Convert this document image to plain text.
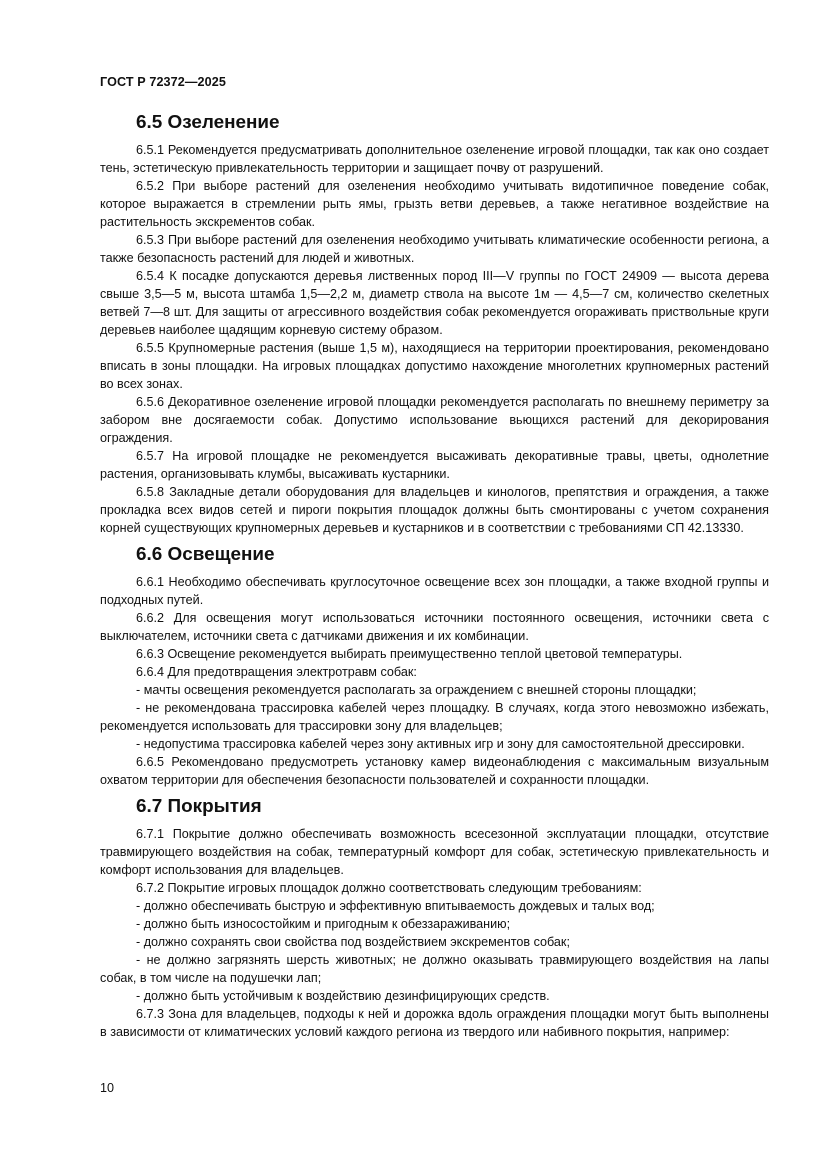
ГОСТ Р 72372—2025
6.5 Озеленение

6.5.1 Рекомендуется предусматривать дополнительное озеленение игровой площадки, так как оно создает тень, эстетическую привлекательность территории и защищает почву от разрушений.

6.5.2 При выборе растений для озеленения необходимо учитывать видотипичное поведение собак, которое выражается в стремлении рыть ямы, грызть ветви деревьев, а также негативное воздействие на растительность экскрементов собак.

6.5.3 При выборе растений для озеленения необходимо учитывать климатические особенности региона, а также безопасность растений для людей и животных.

6.5.4 К посадке допускаются деревья лиственных пород III—V группы по ГОСТ 24909 — высота дерева свыше 3,5—5 м, высота штамба 1,5—2,2 м, диаметр ствола на высоте 1м — 4,5—7 см, количество скелетных ветвей 7—8 шт. Для защиты от агрессивного воздействия собак рекомендуется огораживать приствольные круги деревьев наиболее щадящим корневую систему образом.

6.5.5 Крупномерные растения (выше 1,5 м), находящиеся на территории проектирования, рекомендовано вписать в зоны площадки. На игровых площадках допустимо нахождение многолетних крупномерных растений во всех зонах.

6.5.6 Декоративное озеленение игровой площадки рекомендуется располагать по внешнему периметру за забором вне досягаемости собак. Допустимо использование вьющихся растений для декорирования ограждения.

6.5.7 На игровой площадке не рекомендуется высаживать декоративные травы, цветы, однолетние растения, организовывать клумбы, высаживать кустарники.

6.5.8 Закладные детали оборудования для владельцев и кинологов, препятствия и ограждения, а также прокладка всех видов сетей и пироги покрытия площадок должны быть смонтированы с учетом сохранения корней существующих крупномерных деревьев и кустарников и в соответствии с требованиями СП 42.13330.

6.6 Освещение

6.6.1 Необходимо обеспечивать круглосуточное освещение всех зон площадки, а также входной группы и подходных путей.

6.6.2 Для освещения могут использоваться источники постоянного освещения, источники света с выключателем, источники света с датчиками движения и их комбинации.

6.6.3 Освещение рекомендуется выбирать преимущественно теплой цветовой температуры.

6.6.4 Для предотвращения электротравм собак:

- мачты освещения рекомендуется располагать за ограждением с внешней стороны площадки;

- не рекомендована трассировка кабелей через площадку. В случаях, когда этого невозможно избежать, рекомендуется использовать для трассировки зону для владельцев;

- недопустима трассировка кабелей через зону активных игр и зону для самостоятельной дрессировки.

6.6.5 Рекомендовано предусмотреть установку камер видеонаблюдения с максимальным визуальным охватом территории для обеспечения безопасности пользователей и сохранности площадки.

6.7 Покрытия

6.7.1 Покрытие должно обеспечивать возможность всесезонной эксплуатации площадки, отсутствие травмирующего воздействия на собак, температурный комфорт для собак, эстетическую привлекательность и комфорт использования для владельцев.

6.7.2 Покрытие игровых площадок должно соответствовать следующим требованиям:

- должно обеспечивать быструю и эффективную впитываемость дождевых и талых вод;

- должно быть износостойким и пригодным к обеззараживанию;

- должно сохранять свои свойства под воздействием экскрементов собак;

- не должно загрязнять шерсть животных; не должно оказывать травмирующего воздействия на лапы собак, в том числе на подушечки лап;

- должно быть устойчивым к воздействию дезинфицирующих средств.

6.7.3 Зона для владельцев, подходы к ней и дорожка вдоль ограждения площадки могут быть выполнены в зависимости от климатических условий каждого региона из твердого или набивного покрытия, например:

10
